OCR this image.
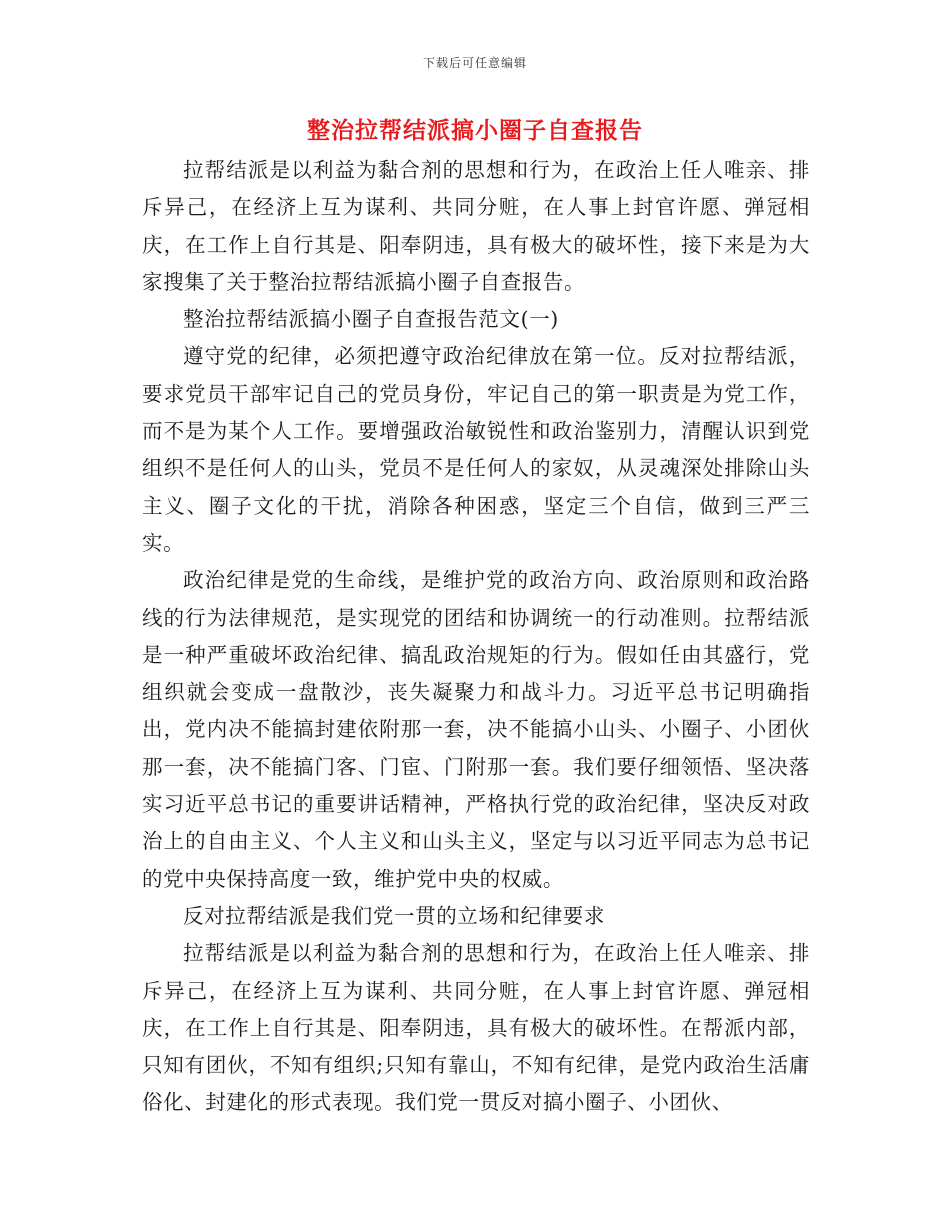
下载后可任意编辑
整治拉帮结派搞小圈子自查报告

拉帮结派是以利益为黏合剂的思想和行为，在政治上任人唯亲、排斥异己，在经济上互为谋利、共同分赃，在人事上封官许愿、弹冠相庆，在工作上自行其是、阳奉阴违，具有极大的破坏性，接下来是为大家搜集了关于整治拉帮结派搞小圈子自查报告。

整治拉帮结派搞小圈子自查报告范文(一)

遵守党的纪律，必须把遵守政治纪律放在第一位。反对拉帮结派，要求党员干部牢记自己的党员身份，牢记自己的第一职责是为党工作，而不是为某个人工作。要增强政治敏锐性和政治鉴别力，清醒认识到党组织不是任何人的山头，党员不是任何人的家奴，从灵魂深处排除山头主义、圈子文化的干扰，消除各种困惑，坚定三个自信，做到三严三实。

政治纪律是党的生命线，是维护党的政治方向、政治原则和政治路线的行为法律规范，是实现党的团结和协调统一的行动准则。拉帮结派是一种严重破坏政治纪律、搞乱政治规矩的行为。假如任由其盛行，党组织就会变成一盘散沙，丧失凝聚力和战斗力。习近平总书记明确指出，党内决不能搞封建依附那一套，决不能搞小山头、小圈子、小团伙那一套，决不能搞门客、门宦、门附那一套。我们要仔细领悟、坚决落实习近平总书记的重要讲话精神，严格执行党的政治纪律，坚决反对政治上的自由主义、个人主义和山头主义，坚定与以习近平同志为总书记的党中央保持高度一致，维护党中央的权威。

反对拉帮结派是我们党一贯的立场和纪律要求

拉帮结派是以利益为黏合剂的思想和行为，在政治上任人唯亲、排斥异己，在经济上互为谋利、共同分赃，在人事上封官许愿、弹冠相庆，在工作上自行其是、阳奉阴违，具有极大的破坏性。在帮派内部，只知有团伙，不知有组织;只知有靠山，不知有纪律，是党内政治生活庸俗化、封建化的形式表现。我们党一贯反对搞小圈子、小团伙、
